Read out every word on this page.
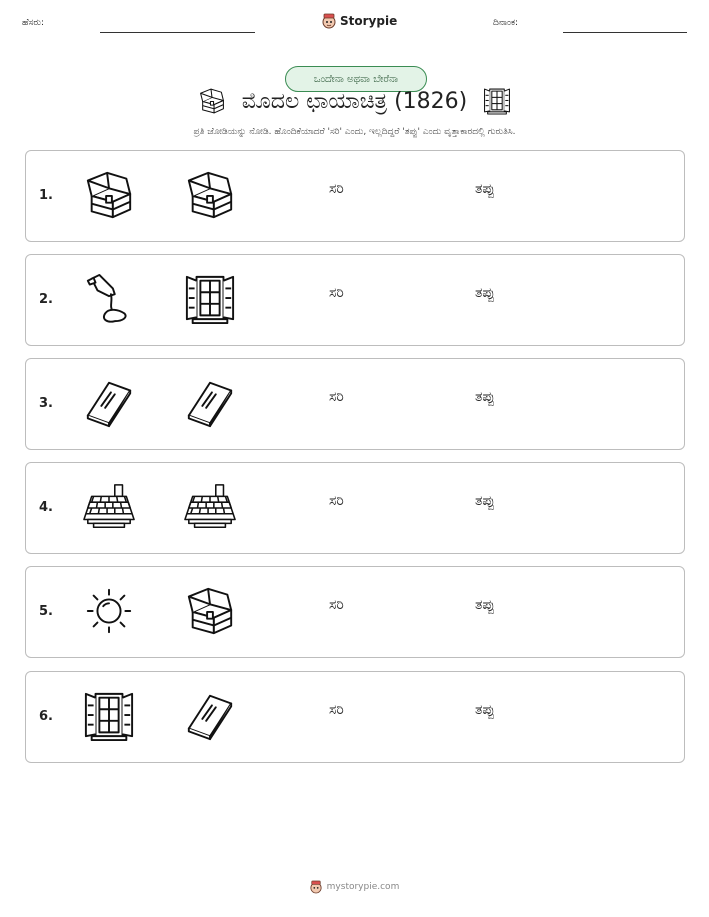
ಹೆಸರು:	Storypie	ದಿನಾಂಕ:
ಒಂದೇನಾ ಅಥವಾ ಬೇರೆನಾ
ಮೊದಲ ಛಾಯಾಚಿತ್ರ (1826)
ಪ್ರತಿ ಜೋಡಿಯನ್ನು ನೋಡಿ. ಹೊಂದಿಕೆಯಾದರೆ 'ಸರಿ' ಎಂದು, ಇಲ್ಲದಿದ್ದರೆ 'ತಪ್ಪು' ಎಂದು ವೃತ್ತಾಕಾರದಲ್ಲಿ ಗುರುತಿಸಿ.
1.	ಸರಿ	ತಪ್ಪು
2.	ಸರಿ	ತಪ್ಪು
3.	ಸರಿ	ತಪ್ಪು
4.	ಸರಿ	ತಪ್ಪು
5.	ಸರಿ	ತಪ್ಪು
6.	ಸರಿ	ತಪ್ಪು
mystorypie.com
